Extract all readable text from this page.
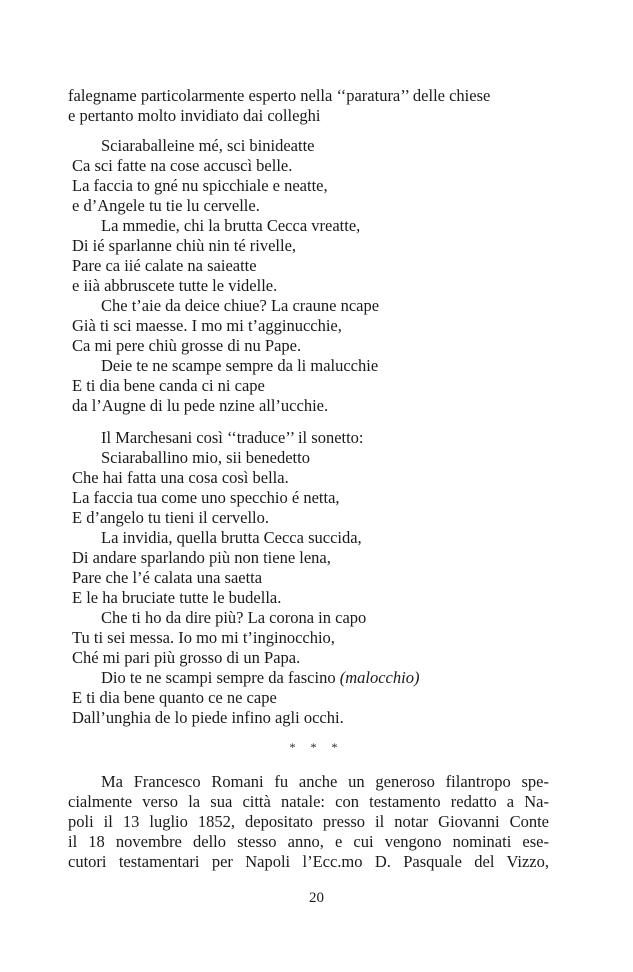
falegname particolarmente esperto nella ‘‘paratura’’ delle chiese
e pertanto molto invidiato dai colleghi
Sciaraballeine mé, sci binideatte
Ca sci fatte na cose accuscì belle.
La faccia to gné nu spicchiale e neatte,
e d’Angele tu tie lu cervelle.
La mmedie, chi la brutta Cecca vreatte,
Di ié sparlanne chiù nin té rivelle,
Pare ca iié calate na saieatte
e iià abbruscete tutte le videlle.
Che t’aie da deice chiue? La craune ncape
Già ti sci maesse. I mo mi t’agginucchie,
Ca mi pere chiù grosse di nu Pape.
Deie te ne scampe sempre da li malucchie
E ti dia bene canda ci ni cape
da l’Augne di lu pede nzine all’ucchie.
Il Marchesani così ‘‘traduce’’ il sonetto:
Sciaraballino mio, sii benedetto
Che hai fatta una cosa così bella.
La faccia tua come uno specchio é netta,
E d’angelo tu tieni il cervello.
La invidia, quella brutta Cecca succida,
Di andare sparlando più non tiene lena,
Pare che l’é calata una saetta
E le ha bruciate tutte le budella.
Che ti ho da dire più? La corona in capo
Tu ti sei messa. Io mo mi t’inginocchio,
Ché mi pari più grosso di un Papa.
Dio te ne scampi sempre da fascino (malocchio)
E ti dia bene quanto ce ne cape
Dall’unghia de lo piede infino agli occhi.
* * *
Ma Francesco Romani fu anche un generoso filantropo spe-
cialmente verso la sua città natale: con testamento redatto a Na-
poli il 13 luglio 1852, depositato presso il notar Giovanni Conte
il 18 novembre dello stesso anno, e cui vengono nominati ese-
cutori testamentari per Napoli l’Ecc.mo D. Pasquale del Vizzo,
20
